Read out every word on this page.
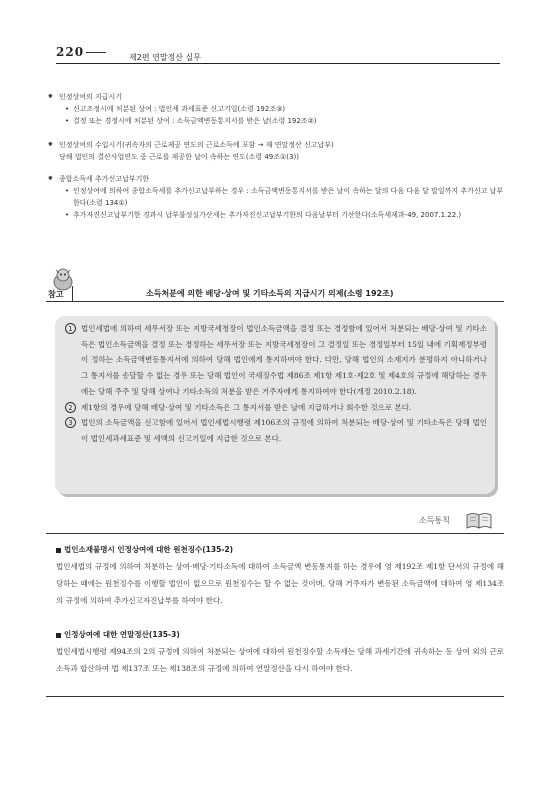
220	제2편 연말정산 실무
⁕ 인정상여의 지급시기
• 신고조정시에 처분된 상여 : 법인세 과세표준 신고기일(소령 192조③)
• 결정 또는 경정시에 처분된 상여 : 소득금액변동통지서를 받은 날(소령 192조②)
⁕ 인정상여의 수입시기(귀속자의 근로제공 연도의 근로소득에 포함 → 재 연말정산 신고납부)
당해 법인의 결산사업연도 중 근로를 제공한 날이 속하는 연도(소령 49조①(3))
⁕ 종합소득세 추가신고납부기한
• 인정상여에 의하여 종합소득세를 추가신고납부하는 경우 : 소득금액변동통지서를 받은 날이 속하는 달의 다음 다음 달 말일까지 추가신고 납부한다(소령 134①)
• 추가자진신고납부기한 경과시 납부불성실가산세는 추가자진신고납부기한의 다음날부터 기산한다(소득세제과-49, 2007.1.22.)
참고	소득처분에 의한 배당·상여 및 기타소득의 지급시기 의제(소령 192조)
1	법인세법에 의하여 세무서장 또는 지방국세청장이 법인소득금액을 결정 또는 경정함에 있어서 처분되는 배당·상여 및 기타소득은 법인소득금액을 결정 또는 경정하는 세무서장 또는 지방국세청장이 그 결정일 또는 경정일부터 15일 내에 기획재정부령이 정하는 소득금액변동통지서에 의하여 당해 법인에게 통지하여야 한다. 다만, 당해 법인의 소재지가 분명하지 아니하거나 그 통지서를 송달할 수 없는 경우 또는 당해 법인이 국세징수법 제86조 제1항 제1호·제2호 및 제4호의 규정에 해당하는 경우에는 당해 주주 및 당해 상여나 기타소득의 처분을 받은 거주자에게 통지하여야 한다(개정 2010.2.18).
2	제1항의 경우에 당해 배당·상여 및 기타소득은 그 통지서를 받은 날에 지급하거나 회수한 것으로 본다.
3	법인의 소득금액을 신고함에 있어서 법인세법시행령 제106조의 규정에 의하여 처분되는 배당·상여 및 기타소득은 당해 법인이 법인세과세표준 및 세액의 신고기일에 지급한 것으로 본다.
소득통칙
법인소재불명시 인정상여에 대한 원천징수(135-2)
법인세법의 규정에 의하여 처분하는 상여·배당·기타소득에 대하여 소득금액 변동통지를 하는 경우에 영 제192조 제1항 단서의 규정에 해당하는 때에는 원천징수를 이행할 법인이 없으므로 원천징수는 할 수 없는 것이며, 당해 거주자가 변동된 소득금액에 대하여 영 제134조의 규정에 의하여 추가신고자진납부를 하여야 한다.
인정상여에 대한 연말정산(135-3)
법인세법시행령 제94조의 2의 규정에 의하여 처분되는 상여에 대하여 원천징수할 소득세는 당해 과세기간에 귀속하는 동 상여 외의 근로소득과 합산하여 법 제137조 또는 제138조의 규정에 의하여 연말정산을 다시 하여야 한다.
